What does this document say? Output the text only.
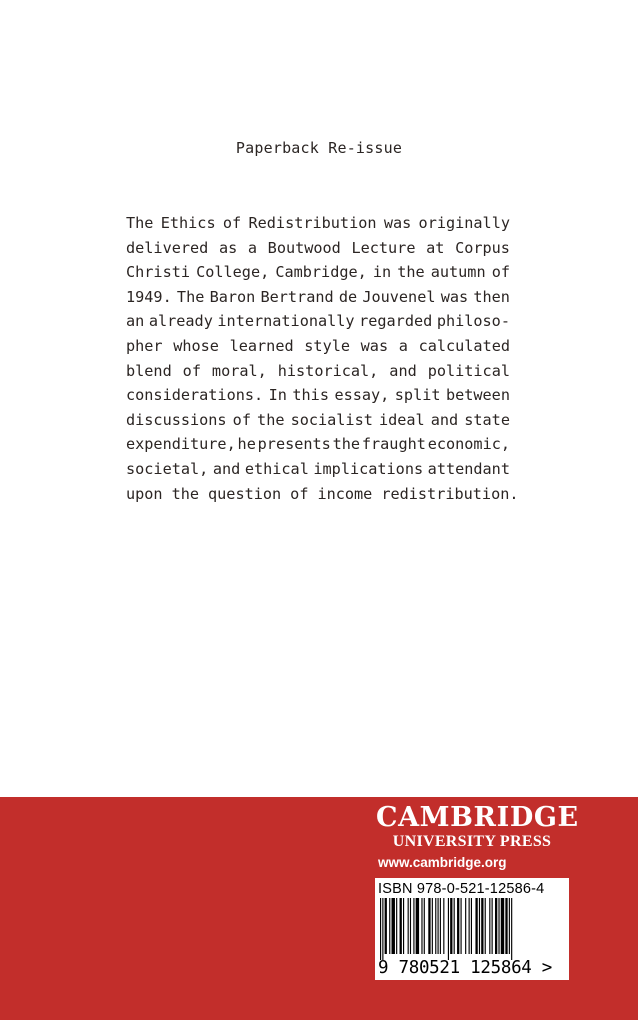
Paperback Re-issue
The Ethics of Redistribution was originally
delivered as a Boutwood Lecture at Corpus
Christi College, Cambridge, in the autumn of
1949. The Baron Bertrand de Jouvenel was then
an already internationally regarded philoso-
pher whose learned style was a calculated
blend of moral, historical, and political
considerations. In this essay, split between
discussions of the socialist ideal and state
expenditure, he presents the fraught economic,
societal, and ethical implications attendant
upon the question of income redistribution.
CAMBRIDGE
UNIVERSITY PRESS
www.cambridge.org
ISBN 978-0-521-12586-4
9 780521 125864 >
